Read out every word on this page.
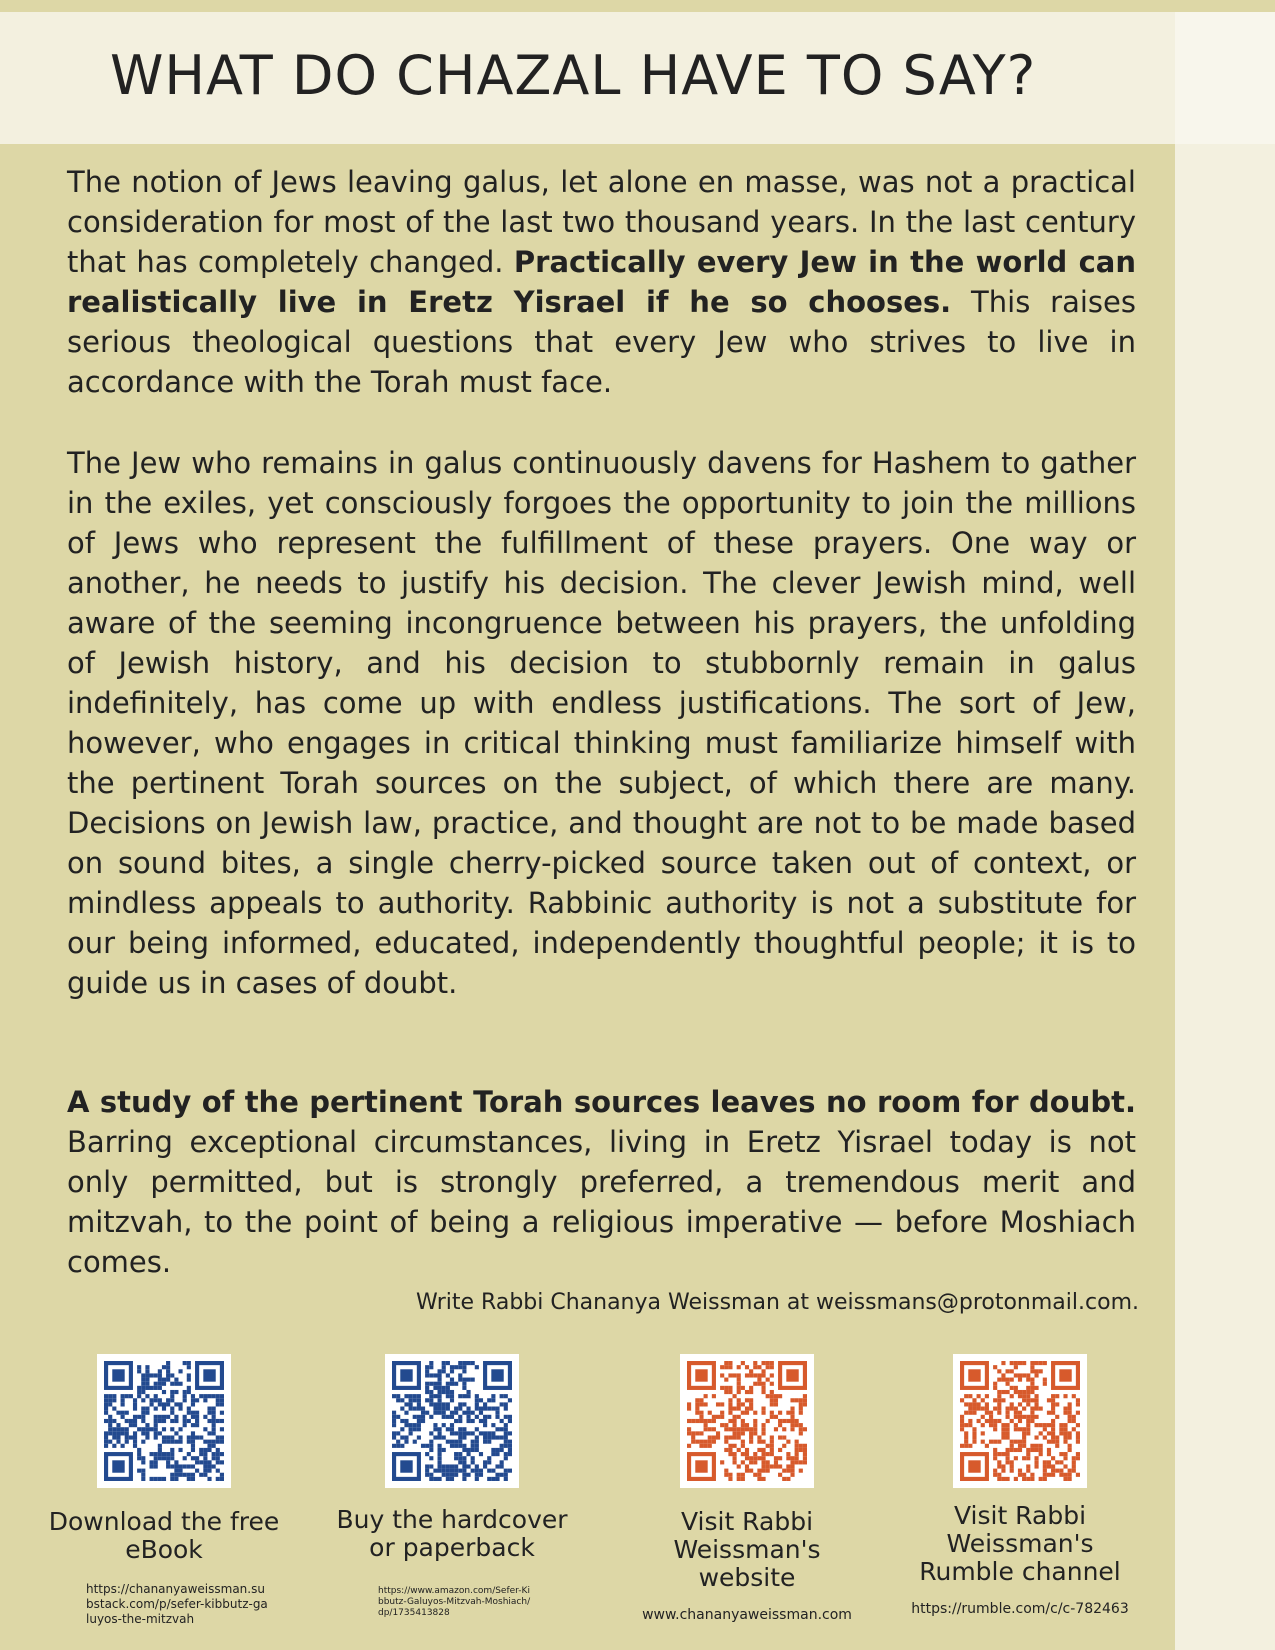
WHAT DO CHAZAL HAVE TO SAY?

The notion of Jews leaving galus, let alone en masse, was not a practical consideration for most of the last two thousand years. In the last century that has completely changed. Practically every Jew in the world can realistically live in Eretz Yisrael if he so chooses. This raises serious theological questions that every Jew who strives to live in accordance with the Torah must face.

The Jew who remains in galus continuously davens for Hashem to gather in the exiles, yet consciously forgoes the opportunity to join the millions of Jews who represent the fulfillment of these prayers. One way or another, he needs to justify his decision. The clever Jewish mind, well aware of the seeming incongruence between his prayers, the unfolding of Jewish history, and his decision to stubbornly remain in galus indefinitely, has come up with endless justifications. The sort of Jew, however, who engages in critical thinking must familiarize himself with the pertinent Torah sources on the subject, of which there are many. Decisions on Jewish law, practice, and thought are not to be made based on sound bites, a single cherry-picked source taken out of context, or mindless appeals to authority. Rabbinic authority is not a substitute for our being informed, educated, independently thoughtful people; it is to guide us in cases of doubt.

A study of the pertinent Torah sources leaves no room for doubt. Barring exceptional circumstances, living in Eretz Yisrael today is not only permitted, but is strongly preferred, a tremendous merit and mitzvah, to the point of being a religious imperative — before Moshiach comes.

Write Rabbi Chananya Weissman at weissmans@protonmail.com.
Download the free eBook
https://chananyaweissman.substack.com/p/sefer-kibbutz-galuyos-the-mitzvah
Buy the hardcover or paperback
https://www.amazon.com/Sefer-Kibbutz-Galuyos-Mitzvah-Moshiach/dp/1735413828
Visit Rabbi Weissman's website
www.chananyaweissman.com
Visit Rabbi Weissman's Rumble channel
https://rumble.com/c/c-782463
